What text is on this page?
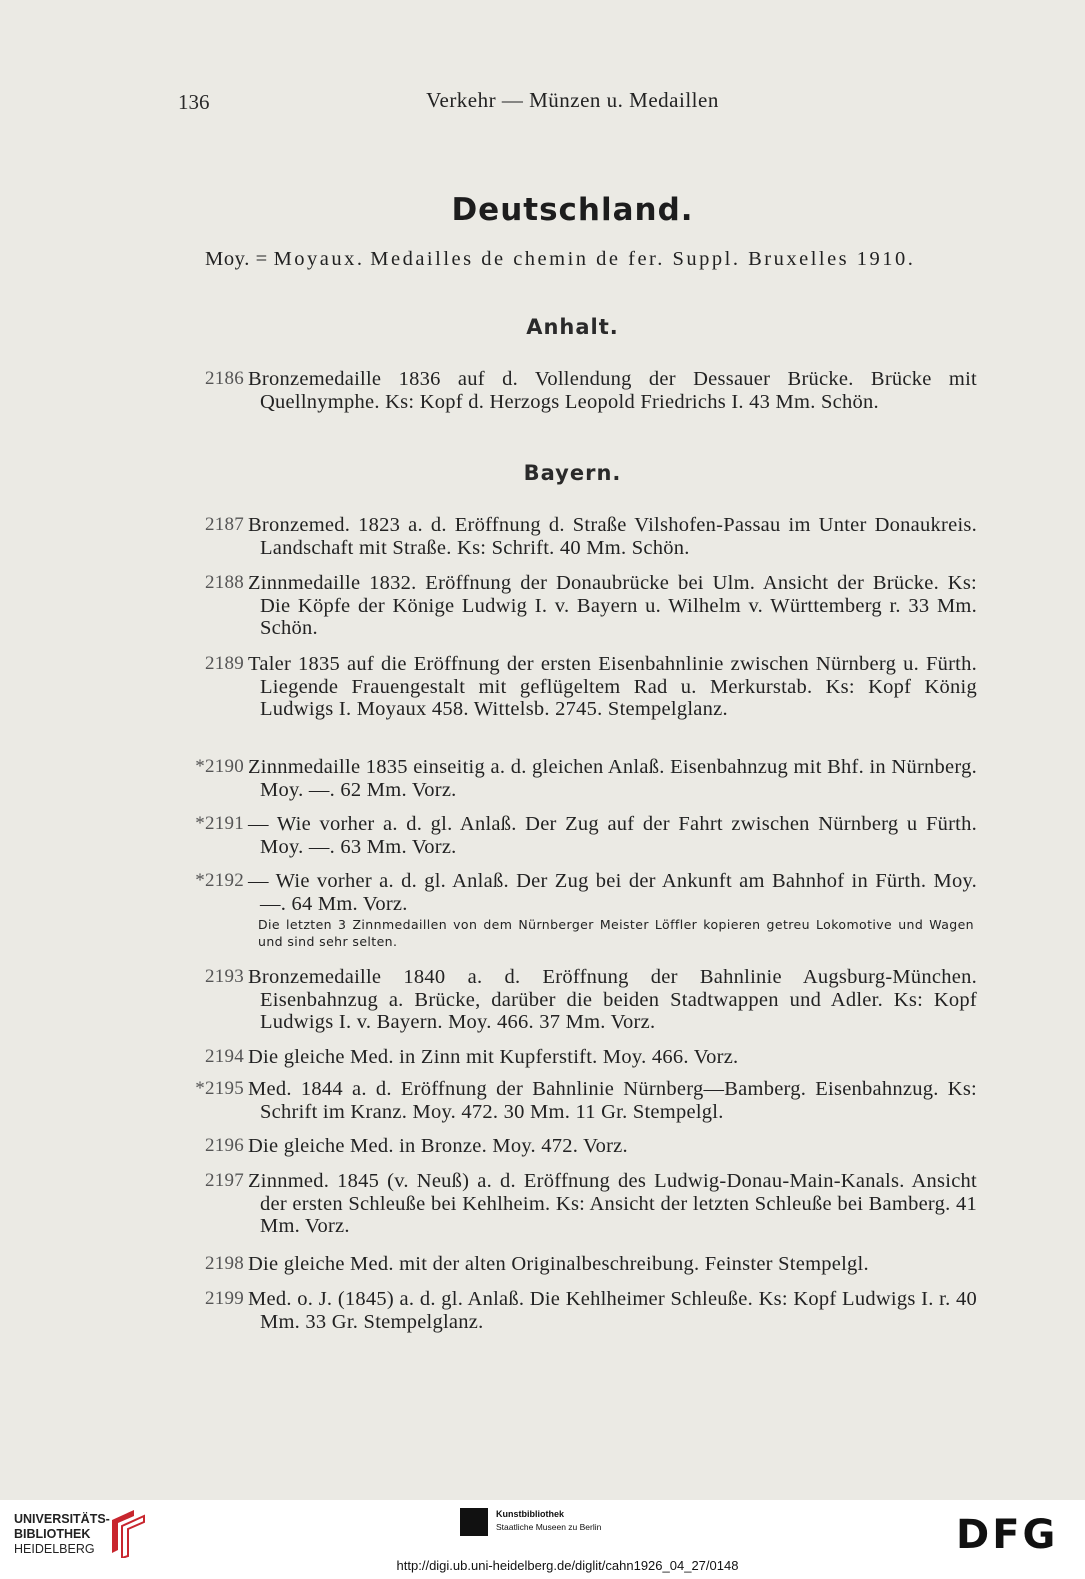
136	Verkehr — Münzen u. Medaillen
Deutschland.
Moy. = Moyaux. Medailles de chemin de fer. Suppl. Bruxelles 1910.
Anhalt.
2186 Bronzemedaille 1836 auf d. Vollendung der Dessauer Brücke. Brücke mit Quellnymphe. Ks: Kopf d. Herzogs Leopold Friedrichs I. 43 Mm. Schön.
Bayern.
2187 Bronzemed. 1823 a. d. Eröffnung d. Straße Vilshofen-Passau im Unter Donaukreis. Landschaft mit Straße. Ks: Schrift. 40 Mm. Schön.
2188 Zinnmedaille 1832. Eröffnung der Donaubrücke bei Ulm. Ansicht der Brücke. Ks: Die Köpfe der Könige Ludwig I. v. Bayern u. Wilhelm v. Württemberg r. 33 Mm. Schön.
2189 Taler 1835 auf die Eröffnung der ersten Eisenbahnlinie zwischen Nürnberg u. Fürth. Liegende Frauengestalt mit geflügeltem Rad u. Merkurstab. Ks: Kopf König Ludwigs I. Moyaux 458. Wittelsb. 2745. Stempelglanz.
*2190 Zinnmedaille 1835 einseitig a. d. gleichen Anlaß. Eisenbahnzug mit Bhf. in Nürnberg. Moy. —. 62 Mm. Vorz.
*2191 — Wie vorher a. d. gl. Anlaß. Der Zug auf der Fahrt zwischen Nürnberg u Fürth. Moy. —. 63 Mm. Vorz.
*2192 — Wie vorher a. d. gl. Anlaß. Der Zug bei der Ankunft am Bahnhof in Fürth. Moy. —. 64 Mm. Vorz.
Die letzten 3 Zinnmedaillen von dem Nürnberger Meister Löffler kopieren getreu Lokomotive und Wagen und sind sehr selten.
2193 Bronzemedaille 1840 a. d. Eröffnung der Bahnlinie Augsburg-München. Eisenbahnzug a. Brücke, darüber die beiden Stadtwappen und Adler. Ks: Kopf Ludwigs I. v. Bayern. Moy. 466. 37 Mm. Vorz.
2194 Die gleiche Med. in Zinn mit Kupferstift. Moy. 466. Vorz.
*2195 Med. 1844 a. d. Eröffnung der Bahnlinie Nürnberg—Bamberg. Eisenbahnzug. Ks: Schrift im Kranz. Moy. 472. 30 Mm. 11 Gr. Stempelgl.
2196 Die gleiche Med. in Bronze. Moy. 472. Vorz.
2197 Zinnmed. 1845 (v. Neuß) a. d. Eröffnung des Ludwig-Donau-Main-Kanals. Ansicht der ersten Schleuße bei Kehlheim. Ks: Ansicht der letzten Schleuße bei Bamberg. 41 Mm. Vorz.
2198 Die gleiche Med. mit der alten Originalbeschreibung. Feinster Stempelgl.
2199 Med. o. J. (1845) a. d. gl. Anlaß. Die Kehlheimer Schleuße. Ks: Kopf Ludwigs I. r. 40 Mm. 33 Gr. Stempelglanz.
UNIVERSITÄTS-
BIBLIOTHEK
HEIDELBERG
Kunstbibliothek
Staatliche Museen zu Berlin	DFG
http://digi.ub.uni-heidelberg.de/diglit/cahn1926_04_27/0148
